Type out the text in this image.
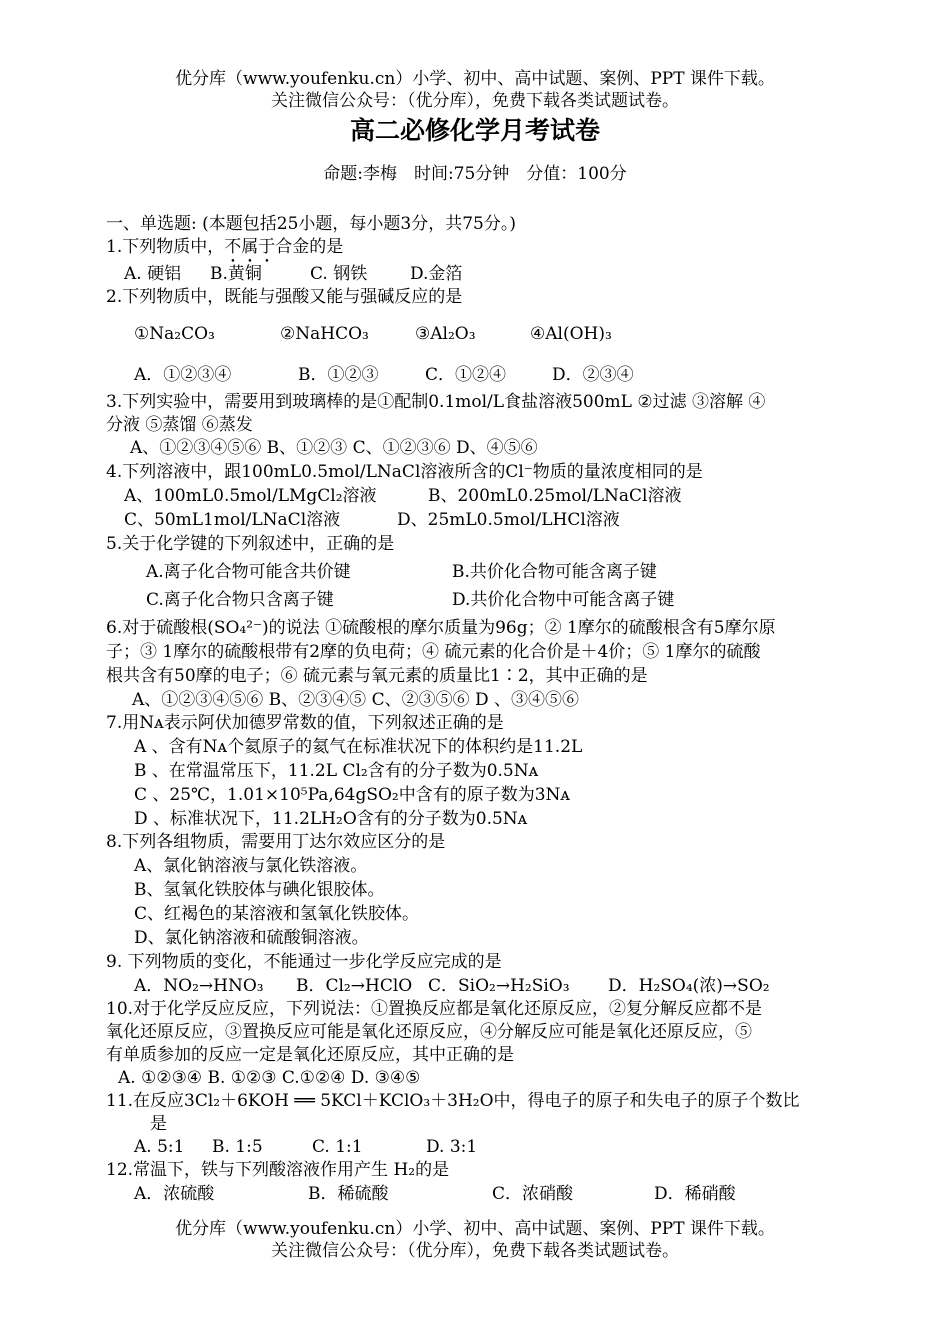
优分库（www.youfenku.cn）小学、初中、高中试题、案例、PPT 课件下载。
关注微信公众号：（优分库），免费下载各类试题试卷。
高二必修化学月考试卷
命题:李梅　时间:75分钟　分值：100分
一、单选题: (本题包括25小题，每小题3分，共75分。)
1.下列物质中，不属于合金的是
A. 硬铝 B.黄铜	C. 钢铁	D.金箔
2.下列物质中，既能与强酸又能与强碱反应的是
①Na₂CO₃	②NaHCO₃	③Al₂O₃	④Al(OH)₃
A．①②③④	B．①②③	C．①②④	D．②③④
3.下列实验中，需要用到玻璃棒的是①配制0.1mol/L食盐溶液500mL ②过滤 ③溶解 ④
分液 ⑤蒸馏 ⑥蒸发
A、①②③④⑤⑥ B、①②③ C、①②③⑥ D、④⑤⑥
4.下列溶液中，跟100mL0.5mol/LNaCl溶液所含的Cl⁻物质的量浓度相同的是
A、100mL0.5mol/LMgCl₂溶液	B、200mL0.25mol/LNaCl溶液
C、50mL1mol/LNaCl溶液	D、25mL0.5mol/LHCl溶液
5.关于化学键的下列叙述中，正确的是
A.离子化合物可能含共价键	B.共价化合物可能含离子键
C.离子化合物只含离子键	D.共价化合物中可能含离子键
6.对于硫酸根(SO₄²⁻)的说法 ①硫酸根的摩尔质量为96g；② 1摩尔的硫酸根含有5摩尔原
子；③ 1摩尔的硫酸根带有2摩的负电荷；④ 硫元素的化合价是＋4价；⑤ 1摩尔的硫酸
根共含有50摩的电子；⑥ 硫元素与氧元素的质量比1∶2，其中正确的是
A、①②③④⑤⑥ B、②③④⑤ C、②③⑤⑥ D 、③④⑤⑥
7.用Nᴀ表示阿伏加德罗常数的值，下列叙述正确的是
A 、含有Nᴀ个氦原子的氦气在标准状况下的体积约是11.2L
B 、在常温常压下，11.2L Cl₂含有的分子数为0.5Nᴀ
C 、25℃，1.01×10⁵Pa,64gSO₂中含有的原子数为3Nᴀ
D 、标准状况下，11.2LH₂O含有的分子数为0.5Nᴀ
8.下列各组物质，需要用丁达尔效应区分的是
A、氯化钠溶液与氯化铁溶液。
B、氢氧化铁胶体与碘化银胶体。
C、红褐色的某溶液和氢氧化铁胶体。
D、氯化钠溶液和硫酸铜溶液。
9. 下列物质的变化，不能通过一步化学反应完成的是
A．NO₂→HNO₃ B．Cl₂→HClO C．SiO₂→H₂SiO₃ D．H₂SO₄(浓)→SO₂
10.对于化学反应反应，下列说法：①置换反应都是氧化还原反应，②复分解反应都不是
氧化还原反应，③置换反应可能是氧化还原反应，④分解反应可能是氧化还原反应，⑤
有单质参加的反应一定是氧化还原反应，其中正确的是
A. ①②③④ B. ①②③ C.①②④ D. ③④⑤
11.在反应3Cl₂＋6KOH ══ 5KCl＋KClO₃＋3H₂O中，得电子的原子和失电子的原子个数比
是
A. 5:1 B. 1:5	C. 1:1	D. 3:1
12.常温下，铁与下列酸溶液作用产生 H₂的是
A．浓硫酸	B．稀硫酸	C．浓硝酸	D．稀硝酸
优分库（www.youfenku.cn）小学、初中、高中试题、案例、PPT 课件下载。
关注微信公众号：（优分库），免费下载各类试题试卷。
